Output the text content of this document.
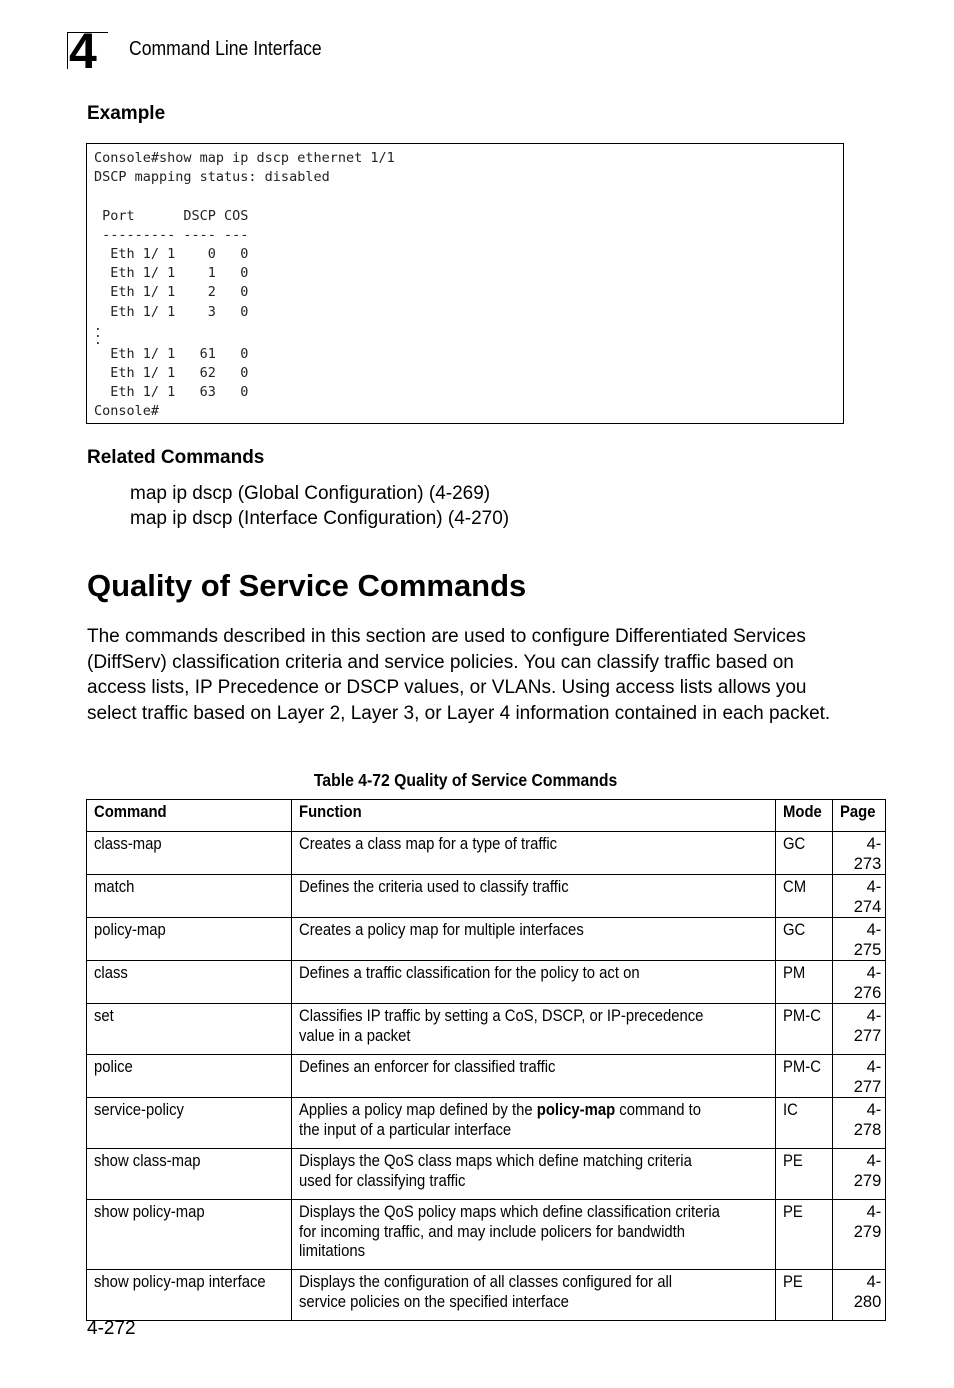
4 Command Line Interface
Example
Console#show map ip dscp ethernet 1/1
DSCP mapping status: disabled
Port      DSCP COS
--------- ---- ---
Eth 1/ 1    0   0
Eth 1/ 1    1   0
Eth 1/ 1    2   0
Eth 1/ 1    3   0
.
.
.
Eth 1/ 1   61   0
Eth 1/ 1   62   0
Eth 1/ 1   63   0
Console#
Related Commands
map ip dscp (Global Configuration) (4-269)
map ip dscp (Interface Configuration) (4-270)
Quality of Service Commands
The commands described in this section are used to configure Differentiated Services (DiffServ) classification criteria and service policies. You can classify traffic based on access lists, IP Precedence or DSCP values, or VLANs. Using access lists allows you select traffic based on Layer 2, Layer 3, or Layer 4 information contained in each packet.
Table 4-72 Quality of Service Commands
Command	Function	Mode	Page
class-map	Creates a class map for a type of traffic	GC	4-273
match	Defines the criteria used to classify traffic	CM	4-274
policy-map	Creates a policy map for multiple interfaces	GC	4-275
class	Defines a traffic classification for the policy to act on	PM	4-276
set	Classifies IP traffic by setting a CoS, DSCP, or IP-precedence value in a packet	PM-C	4-277
police	Defines an enforcer for classified traffic	PM-C	4-277
service-policy	Applies a policy map defined by the policy-map command to the input of a particular interface	IC	4-278
show class-map	Displays the QoS class maps which define matching criteria used for classifying traffic	PE	4-279
show policy-map	Displays the QoS policy maps which define classification criteria for incoming traffic, and may include policers for bandwidth limitations	PE	4-279
show policy-map interface	Displays the configuration of all classes configured for all service policies on the specified interface	PE	4-280
4-272
